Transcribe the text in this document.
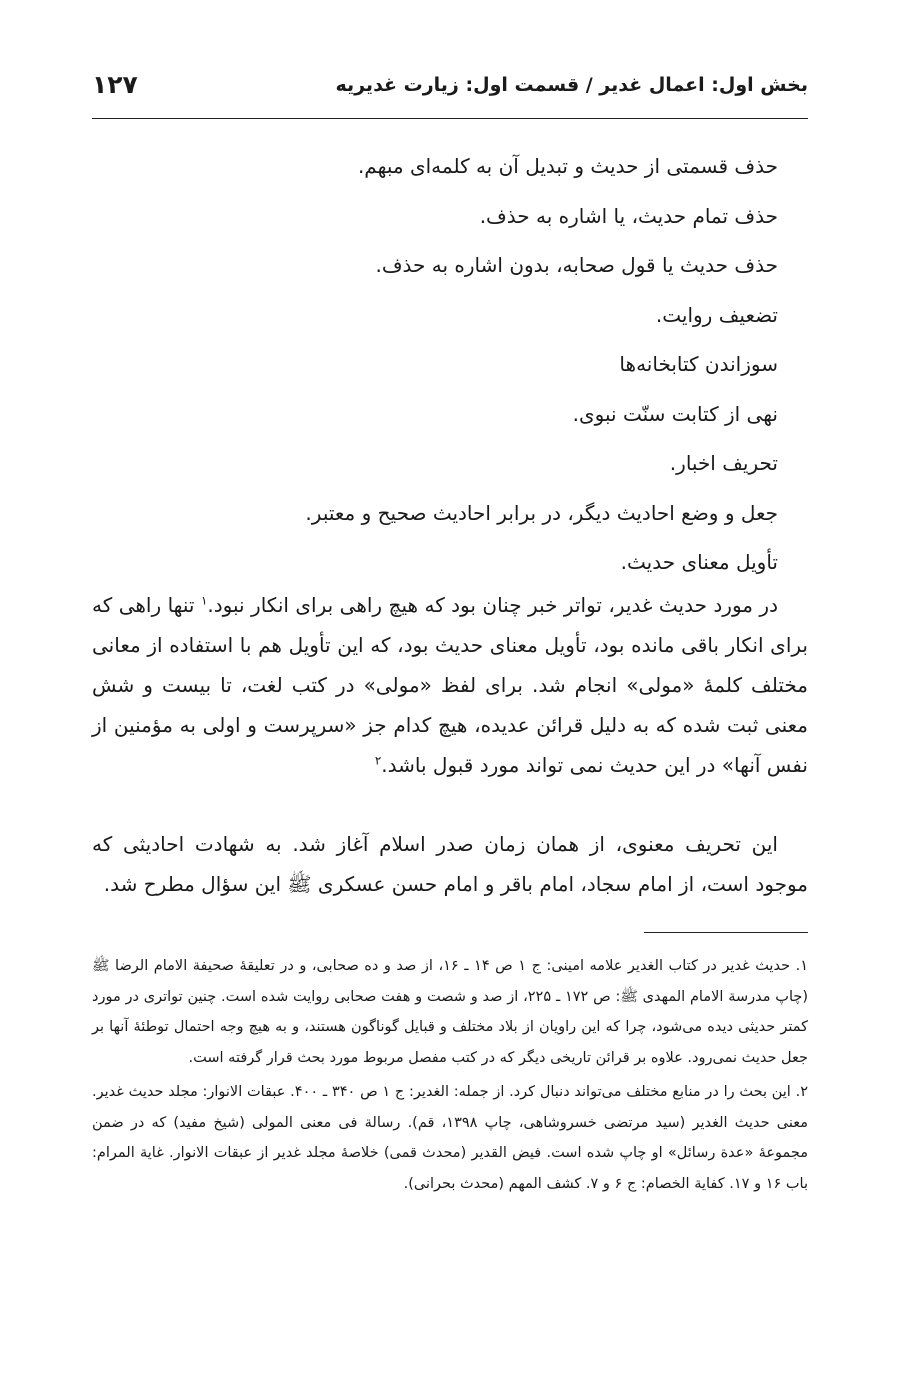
بخش اول: اعمال غدیر / قسمت اول: زیارت غدیریه
۱۲۷
حذف قسمتی از حدیث و تبدیل آن به کلمه‌ای مبهم.
حذف تمام حدیث، یا اشاره به حذف.
حذف حدیث یا قول صحابه، بدون اشاره به حذف.
تضعیف روایت.
سوزاندن کتابخانه‌ها
نهی از کتابت سنّت نبوی.
تحریف اخبار.
جعل و وضع احادیث دیگر، در برابر احادیث صحیح و معتبر.
تأویل معنای حدیث.

در مورد حدیث غدیر، تواتر خبر چنان بود که هیچ راهی برای انکار نبود.$^۱$ تنها راهی که برای انکار باقی مانده بود، تأویل معنای حدیث بود، که این تأویل هم با استفاده از معانی مختلف کلمهٔ «مولی» انجام شد. برای لفظ «مولی» در کتب لغت، تا بیست و شش معنی ثبت شده که به دلیل قرائن عدیده، هیچ کدام جز «سرپرست و اولی به مؤمنین از نفس آنها» در این حدیث نمی تواند مورد قبول باشد.$^۲$

این تحریف معنوی، از همان زمان صدر اسلام آغاز شد. به شهادت احادیثی که موجود است، از امام سجاد، امام باقر و امام حسن عسکری ﷺ این سؤال مطرح شد.

۱. حدیث غدیر در کتاب الغدیر علامه امینی: ج ۱ ص ۱۴ ـ ۱۶، از صد و ده صحابی، و در تعلیقهٔ صحیفة الامام الرضا ﷺ (چاپ مدرسة الامام المهدی ﷺ: ص ۱۷۲ ـ ۲۲۵، از صد و شصت و هفت صحابی روایت شده است. چنین تواتری در مورد کمتر حدیثی دیده می‌شود، چرا که این راویان از بلاد مختلف و قبایل گوناگون هستند، و به هیچ وجه احتمال توطئهٔ آنها بر جعل حدیث نمی‌رود. علاوه بر قرائن تاریخی دیگر که در کتب مفصل مربوط مورد بحث قرار گرفته است.
۲. این بحث را در منابع مختلف می‌تواند دنبال کرد. از جمله: الغدیر: ج ۱ ص ۳۴۰ ـ ۴۰۰. عبقات الانوار: مجلد حدیث غدیر. معنی حدیث الغدیر (سید مرتضی خسروشاهی، چاپ ۱۳۹۸، قم). رسالة فی معنی المولی (شیخ مفید) که در ضمن مجموعهٔ «عدة رسائل» او چاپ شده است. فیض القدیر (محدث قمی) خلاصهٔ مجلد غدیر از عبقات الانوار. غایة المرام: باب ۱۶ و ۱۷. کفایة الخصام: ج ۶ و ۷. کشف المهم (محدث بحرانی).
